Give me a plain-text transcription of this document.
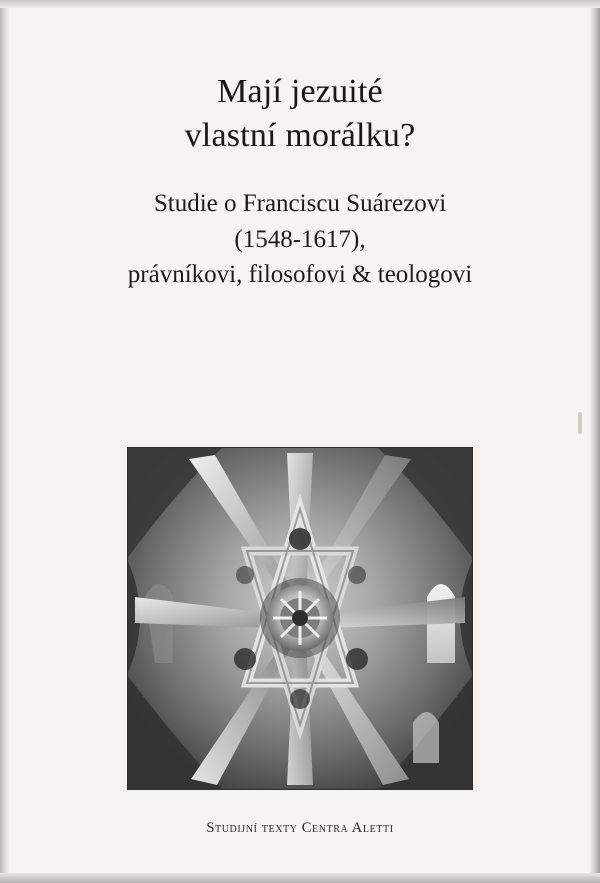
Mají jezuité
vlastní morálku?
Studie o Franciscu Suárezovi
(1548-1617),
právníkovi, filosofovi & teologovi

Studijní texty Centra Aletti
